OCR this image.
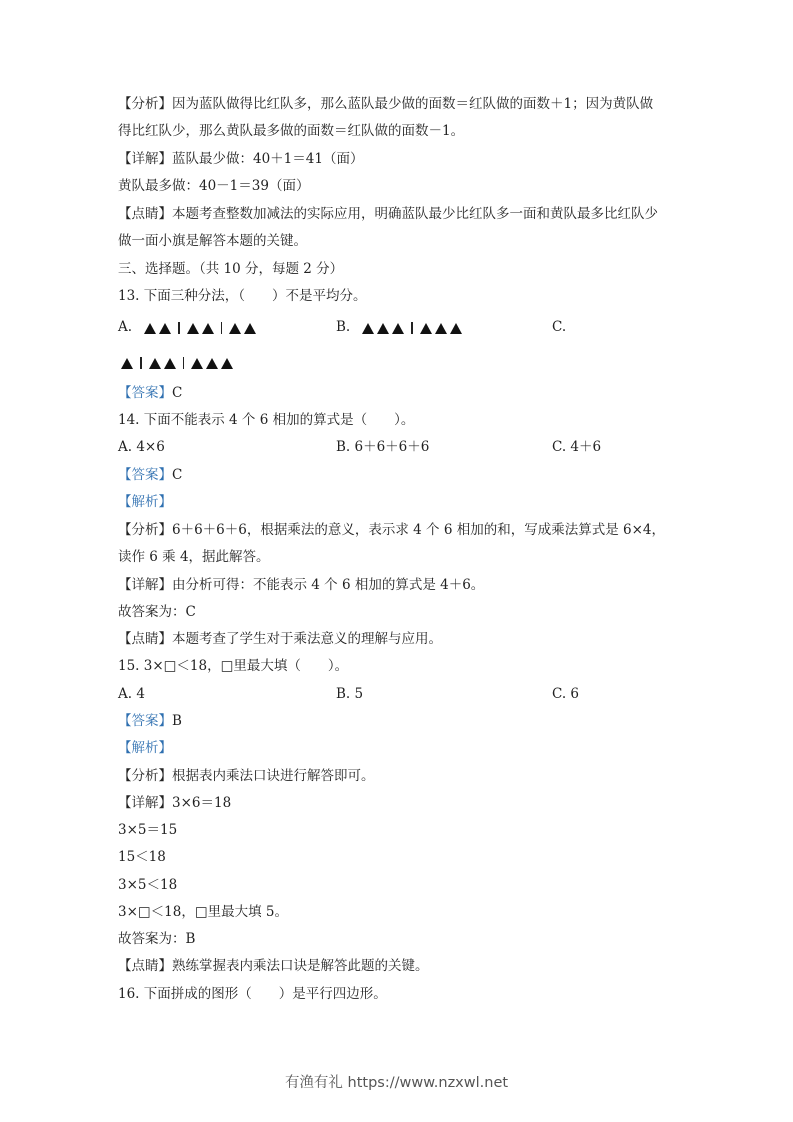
【分析】因为蓝队做得比红队多，那么蓝队最少做的面数＝红队做的面数＋1；因为黄队做
得比红队少，那么黄队最多做的面数＝红队做的面数－1。
【详解】蓝队最少做：40＋1＝41（面）
黄队最多做：40－1＝39（面）
【点睛】本题考查整数加减法的实际应用，明确蓝队最少比红队多一面和黄队最多比红队少
做一面小旗是解答本题的关键。
三、选择题。（共 10 分，每题 2 分）
13. 下面三种分法，（　　）不是平均分。
A.	B.	C.
【答案】C
14. 下面不能表示 4 个 6 相加的算式是（　　）。
A. 4×6	B. 6＋6＋6＋6	C. 4＋6
【答案】C
【解析】
【分析】6＋6＋6＋6，根据乘法的意义，表示求 4 个 6 相加的和，写成乘法算式是 6×4，
读作 6 乘 4，据此解答。
【详解】由分析可得：不能表示 4 个 6 相加的算式是 4＋6。
故答案为：C
【点睛】本题考查了学生对于乘法意义的理解与应用。
15. 3×□＜18，□里最大填（　　）。
A. 4	B. 5	C. 6
【答案】B
【解析】
【分析】根据表内乘法口诀进行解答即可。
【详解】3×6＝18
3×5＝15
15＜18
3×5＜18
3×□＜18，□里最大填 5。
故答案为：B
【点睛】熟练掌握表内乘法口诀是解答此题的关键。
16. 下面拼成的图形（　　）是平行四边形。
有渔有礼 https://www.nzxwl.net
